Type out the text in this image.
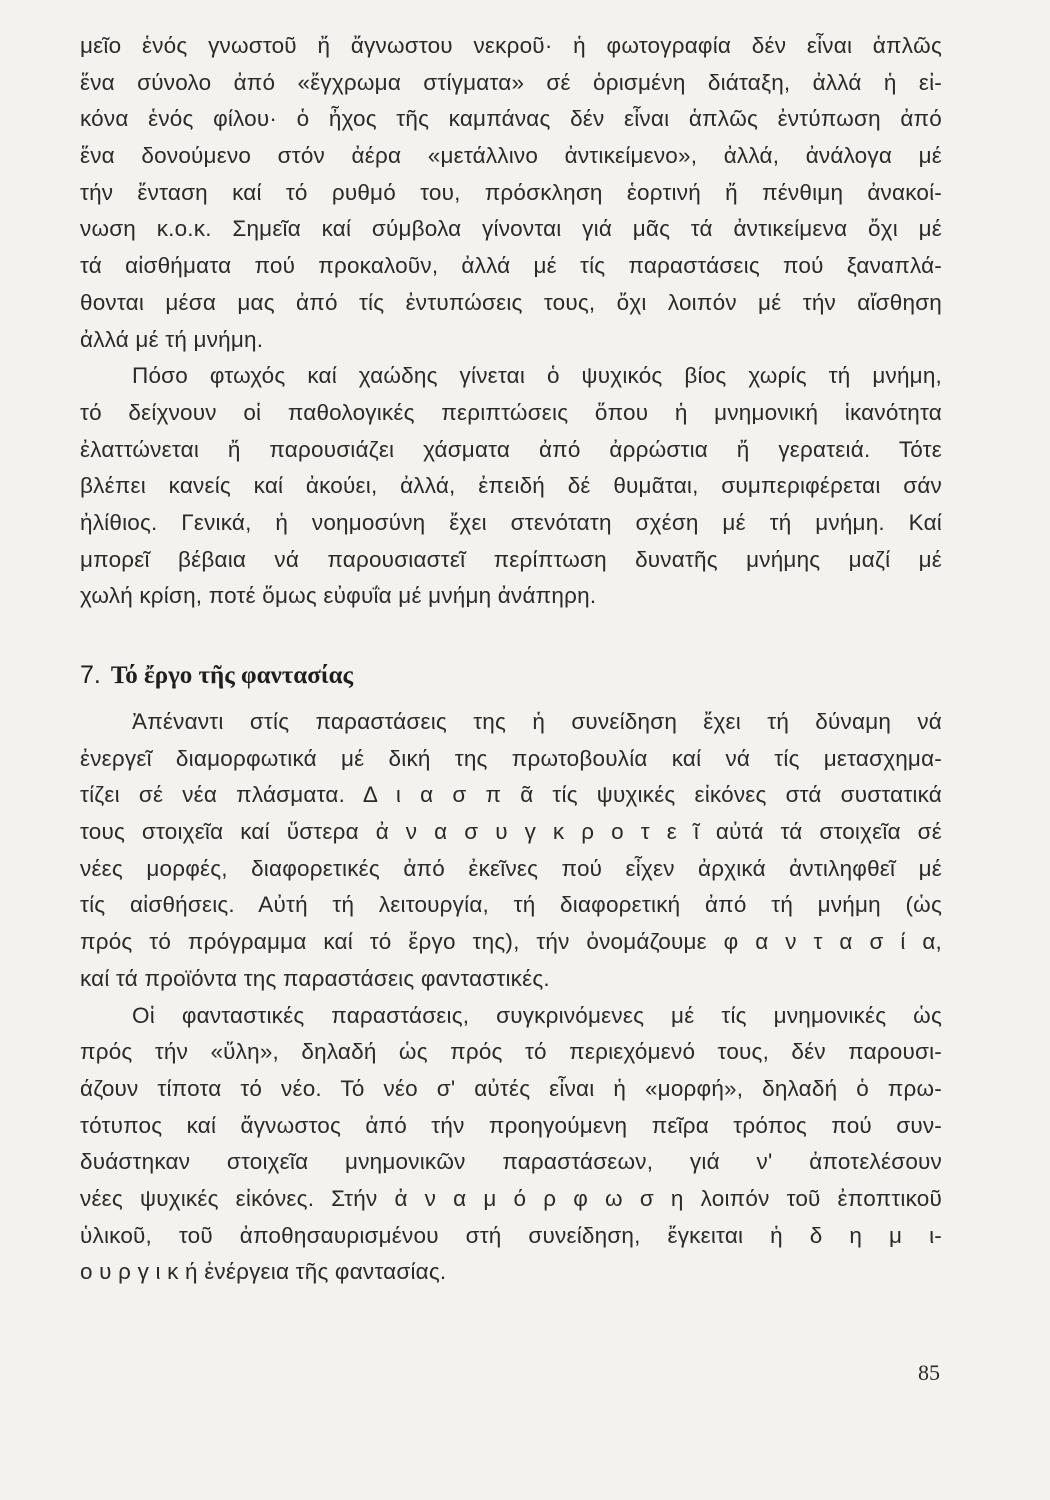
μεῖο ἑνός γνωστοῦ ἤ ἄγνωστου νεκροῦ· ἡ φωτογραφία δέν εἶναι ἁπλῶς
ἕνα σύνολο ἀπό «ἔγχρωμα στίγματα» σέ ὁρισμένη διάταξη, ἀλλά ἡ εἰ-
κόνα ἑνός φίλου· ὁ ἦχος τῆς καμπάνας δέν εἶναι ἁπλῶς ἐντύπωση ἀπό
ἕνα δονούμενο στόν ἀέρα «μετάλλινο ἀντικείμενο», ἀλλά, ἀνάλογα μέ
τήν ἔνταση καί τό ρυθμό του, πρόσκληση ἑορτινή ἤ πένθιμη ἀνακοί-
νωση κ.ο.κ. Σημεῖα καί σύμβολα γίνονται γιά μᾶς τά ἀντικείμενα ὄχι μέ
τά αἰσθήματα πού προκαλοῦν, ἀλλά μέ τίς παραστάσεις πού ξαναπλά-
θονται μέσα μας ἀπό τίς ἐντυπώσεις τους, ὄχι λοιπόν μέ τήν αἴσθηση
ἀλλά μέ τή μνήμη.
Πόσο φτωχός καί χαώδης γίνεται ὁ ψυχικός βίος χωρίς τή μνήμη,
τό δείχνουν οἱ παθολογικές περιπτώσεις ὅπου ἡ μνημονική ἱκανότητα
ἐλαττώνεται ἤ παρουσιάζει χάσματα ἀπό ἀρρώστια ἤ γερατειά. Τότε
βλέπει κανείς καί ἀκούει, ἀλλά, ἐπειδή δέ θυμᾶται, συμπεριφέρεται σάν
ἠλίθιος. Γενικά, ἡ νοημοσύνη ἔχει στενότατη σχέση μέ τή μνήμη. Καί
μπορεῖ βέβαια νά παρουσιαστεῖ περίπτωση δυνατῆς μνήμης μαζί μέ
χωλή κρίση, ποτέ ὅμως εὐφυΐα μέ μνήμη ἀνάπηρη.
7. Τό ἔργο τῆς φαντασίας
Ἀπέναντι στίς παραστάσεις της ἡ συνείδηση ἔχει τή δύναμη νά
ἐνεργεῖ διαμορφωτικά μέ δική της πρωτοβουλία καί νά τίς μετασχημα-
τίζει σέ νέα πλάσματα. Δ ι α σ π ᾶ τίς ψυχικές εἰκόνες στά συστατικά
τους στοιχεῖα καί ὕστερα ἀ ν α σ υ γ κ ρ ο τ ε ῖ αὐτά τά στοιχεῖα σέ
νέες μορφές, διαφορετικές ἀπό ἐκεῖνες πού εἶχεν ἀρχικά ἀντιληφθεῖ μέ
τίς αἰσθήσεις. Αὐτή τή λειτουργία, τή διαφορετική ἀπό τή μνήμη (ὡς
πρός τό πρόγραμμα καί τό ἔργο της), τήν ὀνομάζουμε φ α ν τ α σ ί α,
καί τά προϊόντα της παραστάσεις φανταστικές.
Οἱ φανταστικές παραστάσεις, συγκρινόμενες μέ τίς μνημονικές ὡς
πρός τήν «ὕλη», δηλαδή ὡς πρός τό περιεχόμενό τους, δέν παρουσι-
άζουν τίποτα τό νέο. Τό νέο σ' αὐτές εἶναι ἡ «μορφή», δηλαδή ὁ πρω-
τότυπος καί ἄγνωστος ἀπό τήν προηγούμενη πεῖρα τρόπος πού συν-
δυάστηκαν στοιχεῖα μνημονικῶν παραστάσεων, γιά ν' ἀποτελέσουν
νέες ψυχικές εἰκόνες. Στήν ἀ ν α μ ό ρ φ ω σ η λοιπόν τοῦ ἐποπτικοῦ
ὑλικοῦ, τοῦ ἀποθησαυρισμένου στή συνείδηση, ἔγκειται ἡ δ η μ ι-
ο υ ρ γ ι κ ή ἐνέργεια τῆς φαντασίας.
85
